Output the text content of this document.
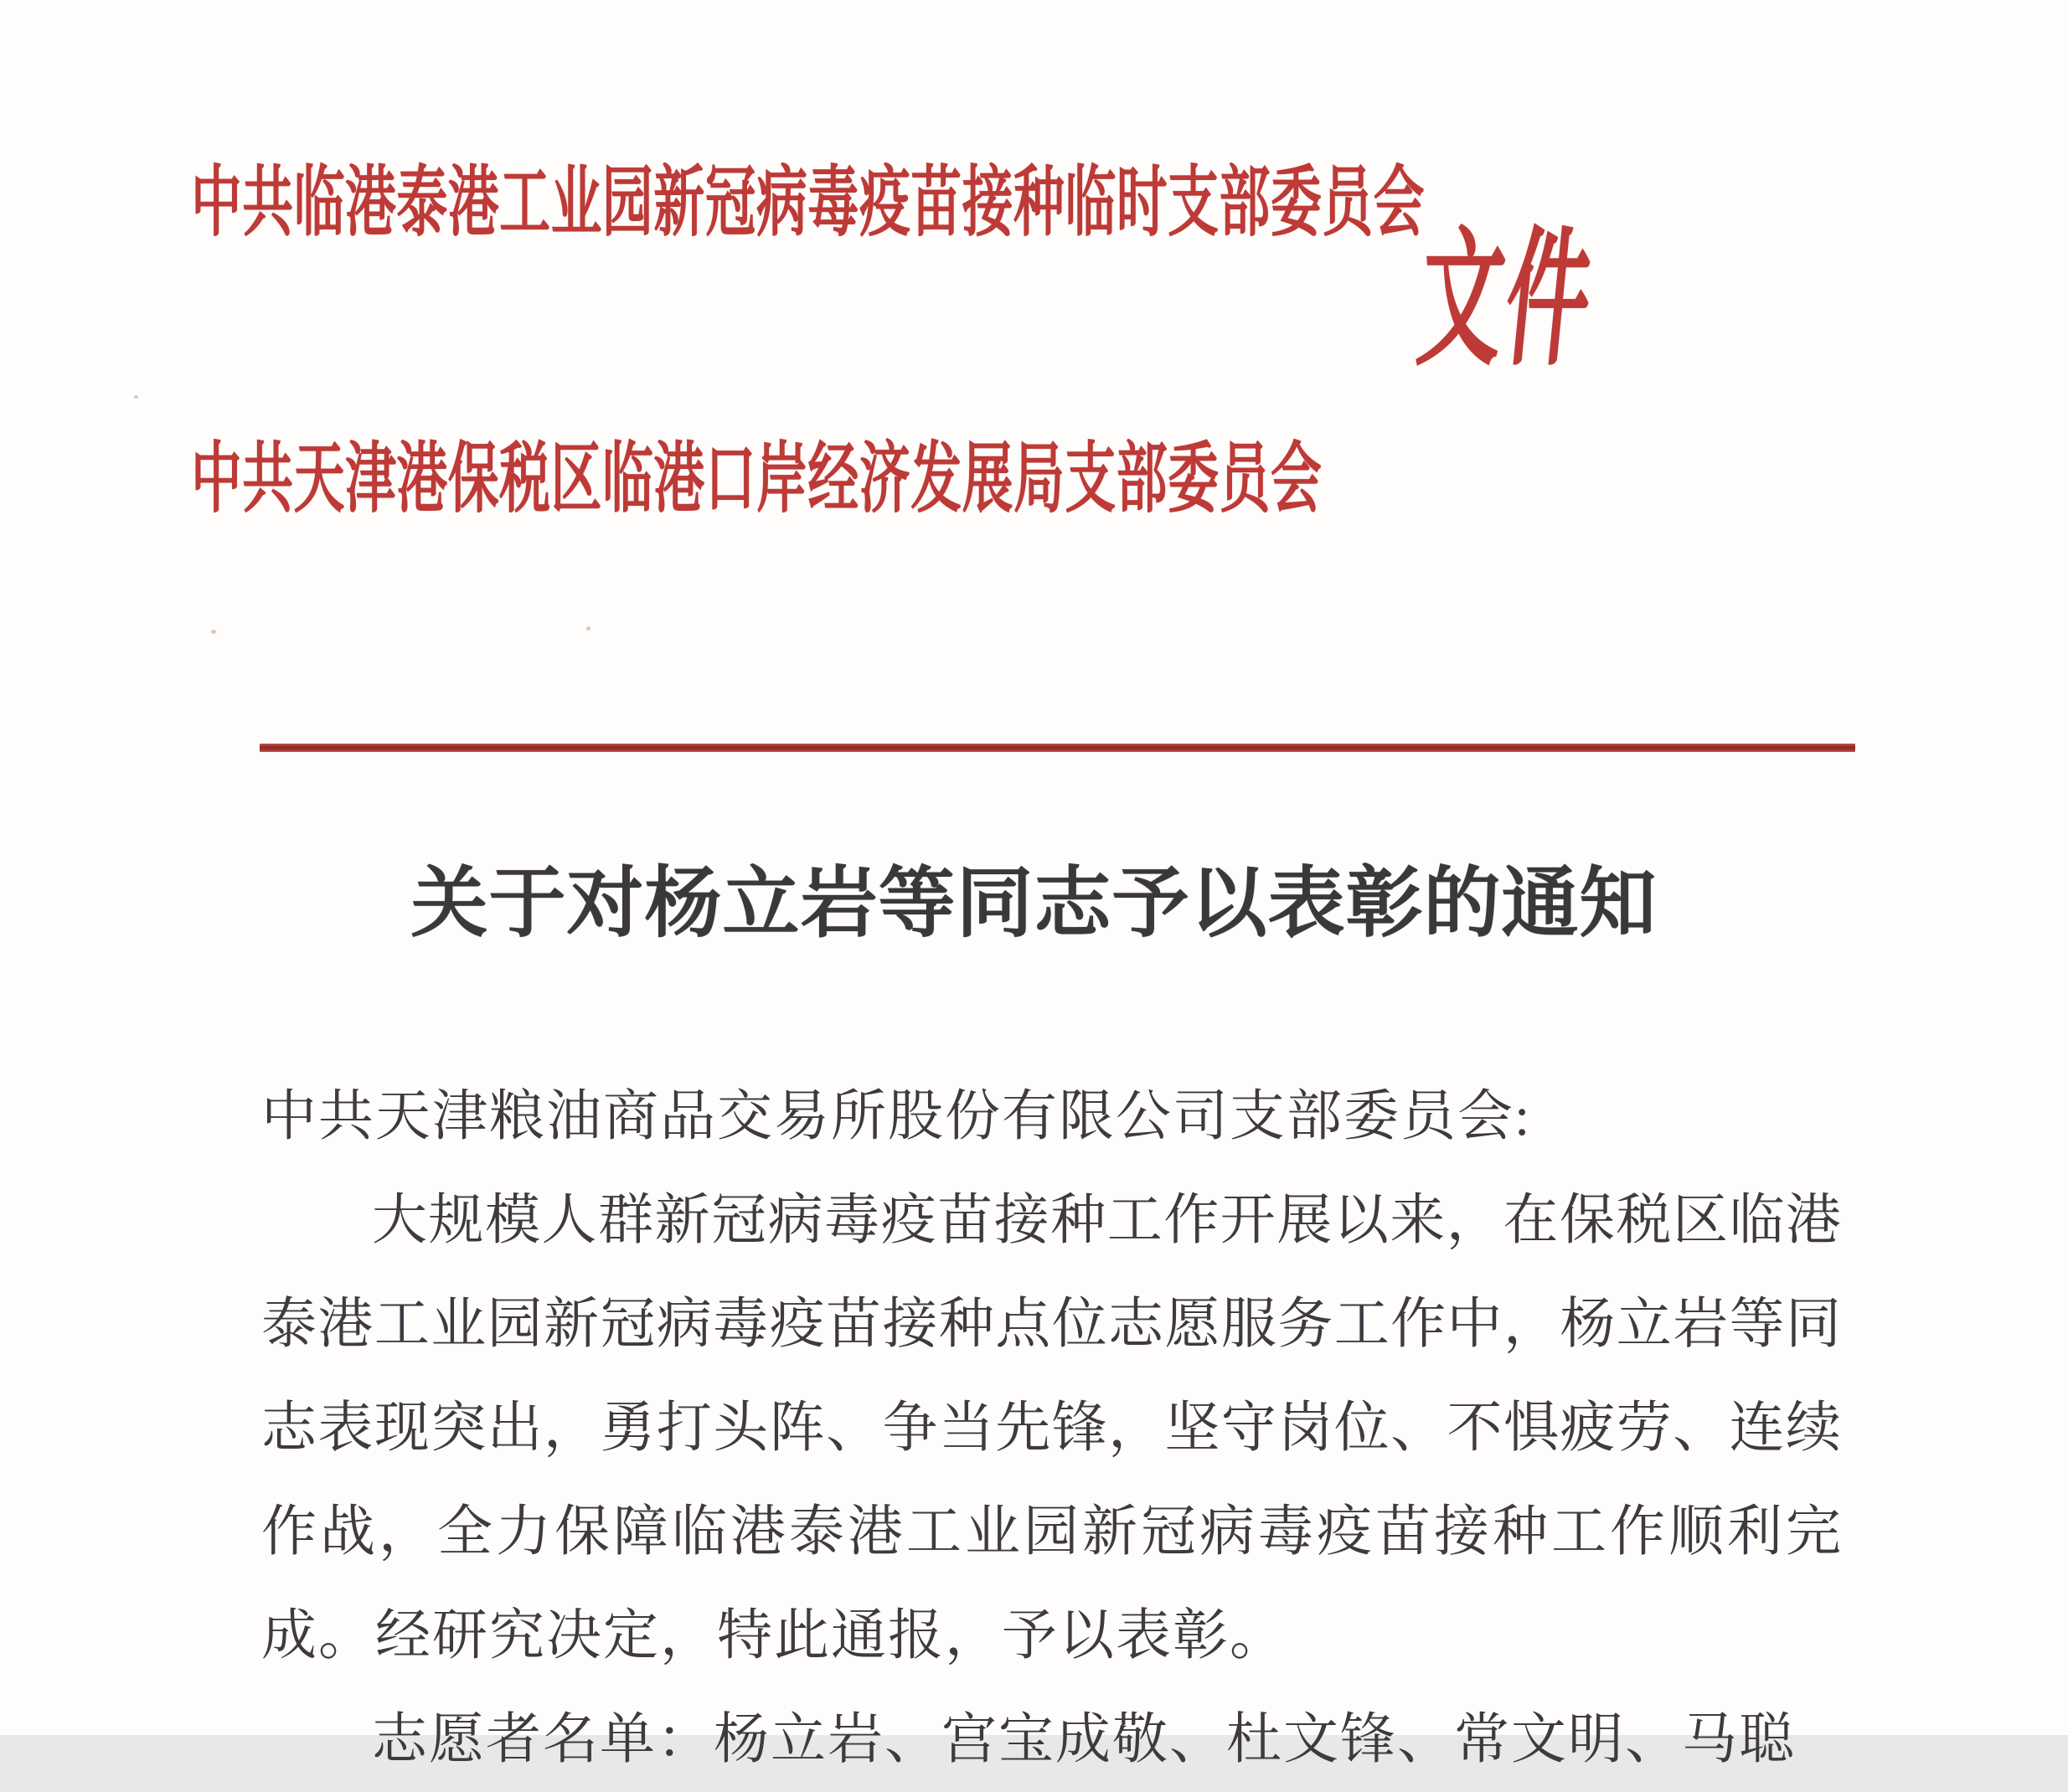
中共临港泰港工业园新冠病毒疫苗接种临时支部委员会
文件
中共天津港保税区临港口岸经济发展局支部委员会
关于对杨立岩等同志予以表彰的通知
中共天津粮油商品交易所股份有限公司支部委员会:
大规模人群新冠病毒疫苗接种工作开展以来，在保税区临港
泰港工业园新冠病毒疫苗接种点位志愿服务工作中，杨立岩等同
志表现突出，勇打头阵、争当先锋，坚守岗位、不惧疲劳、连续
作战，全力保障临港泰港工业园新冠病毒疫苗接种工作顺利完
成。经研究决定，特此通报，予以表彰。
志愿者名单：杨立岩、宫宝成敬、杜文锋、常文明、马聪
